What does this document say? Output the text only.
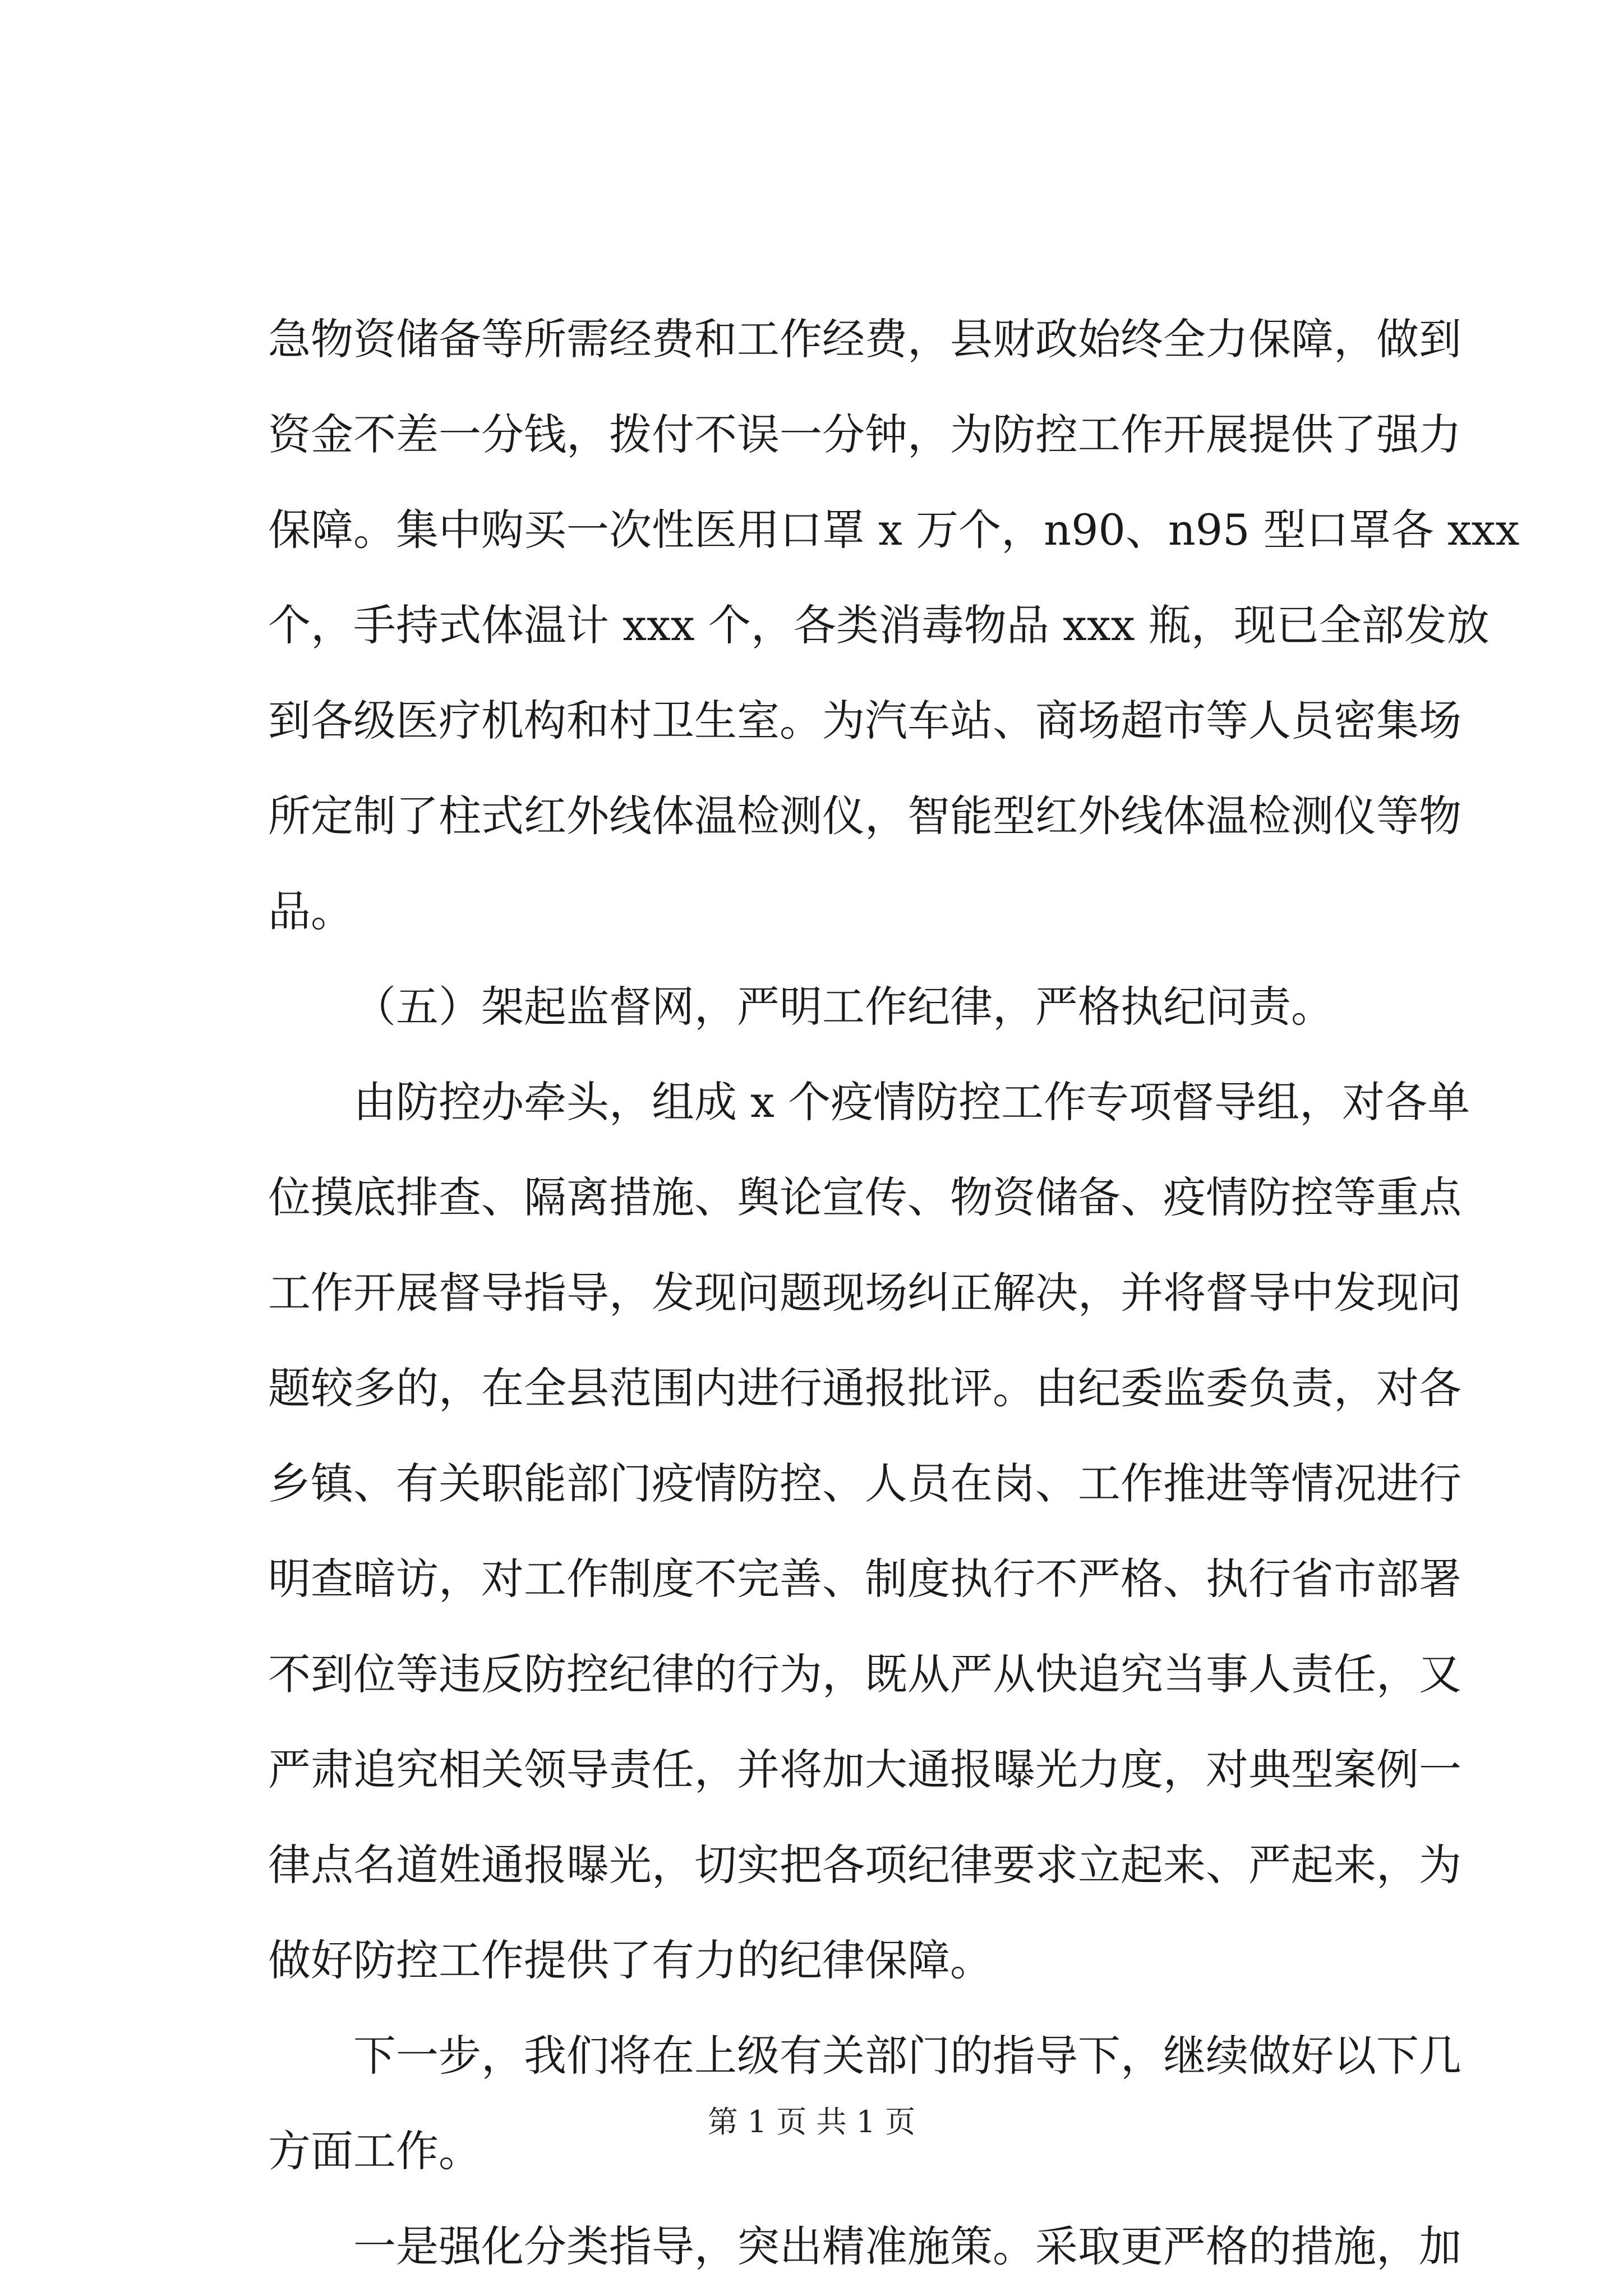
急物资储备等所需经费和工作经费，县财政始终全力保障，做到
资金不差一分钱，拨付不误一分钟，为防控工作开展提供了强力
保障。集中购买一次性医用口罩 x 万个，n90、n95 型口罩各 xxx
个，手持式体温计 xxx 个，各类消毒物品 xxx 瓶，现已全部发放
到各级医疗机构和村卫生室。为汽车站、商场超市等人员密集场
所定制了柱式红外线体温检测仪，智能型红外线体温检测仪等物
品。
（五）架起监督网，严明工作纪律，严格执纪问责。
由防控办牵头，组成 x 个疫情防控工作专项督导组，对各单
位摸底排查、隔离措施、舆论宣传、物资储备、疫情防控等重点
工作开展督导指导，发现问题现场纠正解决，并将督导中发现问
题较多的，在全县范围内进行通报批评。由纪委监委负责，对各
乡镇、有关职能部门疫情防控、人员在岗、工作推进等情况进行
明查暗访，对工作制度不完善、制度执行不严格、执行省市部署
不到位等违反防控纪律的行为，既从严从快追究当事人责任，又
严肃追究相关领导责任，并将加大通报曝光力度，对典型案例一
律点名道姓通报曝光，切实把各项纪律要求立起来、严起来，为
做好防控工作提供了有力的纪律保障。
下一步，我们将在上级有关部门的指导下，继续做好以下几
方面工作。
一是强化分类指导，突出精准施策。采取更严格的措施，加
第 1 页 共 1 页
